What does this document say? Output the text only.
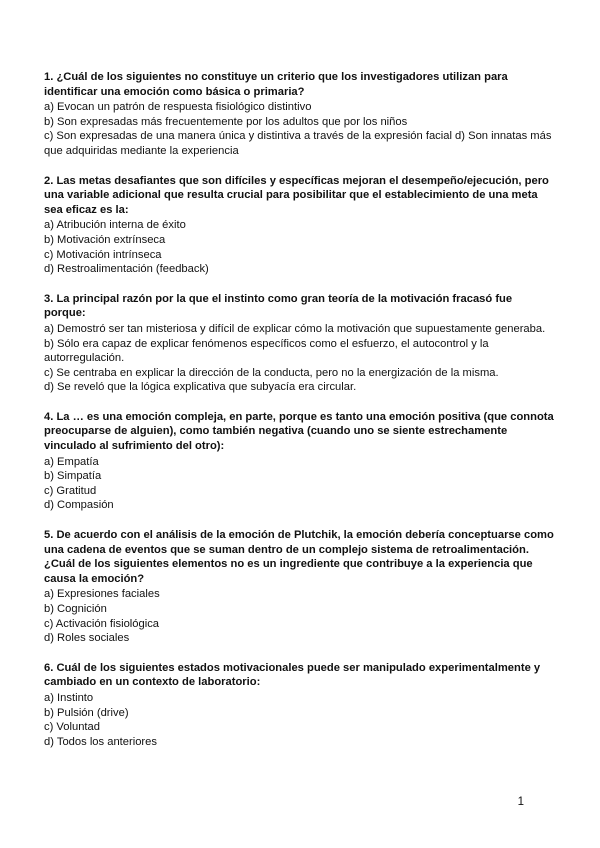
1. ¿Cuál de los siguientes no constituye un criterio que los investigadores utilizan para identificar una emoción como básica o primaria?

a) Evocan un patrón de respuesta fisiológico distintivo

b) Son expresadas más frecuentemente por los adultos que por los niños

c) Son expresadas de una manera única y distintiva a través de la expresión facial d) Son innatas más que adquiridas mediante la experiencia

2. Las metas desafiantes que son difíciles y específicas mejoran el desempeño/ejecución, pero una variable adicional que resulta crucial para posibilitar que el establecimiento de una meta sea eficaz es la:

a) Atribución interna de éxito

b) Motivación extrínseca

c) Motivación intrínseca

d) Restroalimentación (feedback)

3. La principal razón por la que el instinto como gran teoría de la motivación fracasó fue porque:

a) Demostró ser tan misteriosa y difícil de explicar cómo la motivación que supuestamente generaba.

b) Sólo era capaz de explicar fenómenos específicos como el esfuerzo, el autocontrol y la autorregulación.

c) Se centraba en explicar la dirección de la conducta, pero no la energización de la misma.

d) Se reveló que la lógica explicativa que subyacía era circular.

4. La … es una emoción compleja, en parte, porque es tanto una emoción positiva (que connota preocuparse de alguien), como también negativa (cuando uno se siente estrechamente vinculado al sufrimiento del otro):

a) Empatía

b) Simpatía

c) Gratitud

d) Compasión

5. De acuerdo con el análisis de la emoción de Plutchik, la emoción debería conceptuarse como una cadena de eventos que se suman dentro de un complejo sistema de retroalimentación. ¿Cuál de los siguientes elementos no es un ingrediente que contribuye a la experiencia que causa la emoción?

a) Expresiones faciales

b) Cognición

c) Activación fisiológica

d) Roles sociales

6. Cuál de los siguientes estados motivacionales puede ser manipulado experimentalmente y cambiado en un contexto de laboratorio:

a) Instinto

b) Pulsión (drive)

c) Voluntad

d) Todos los anteriores

1
